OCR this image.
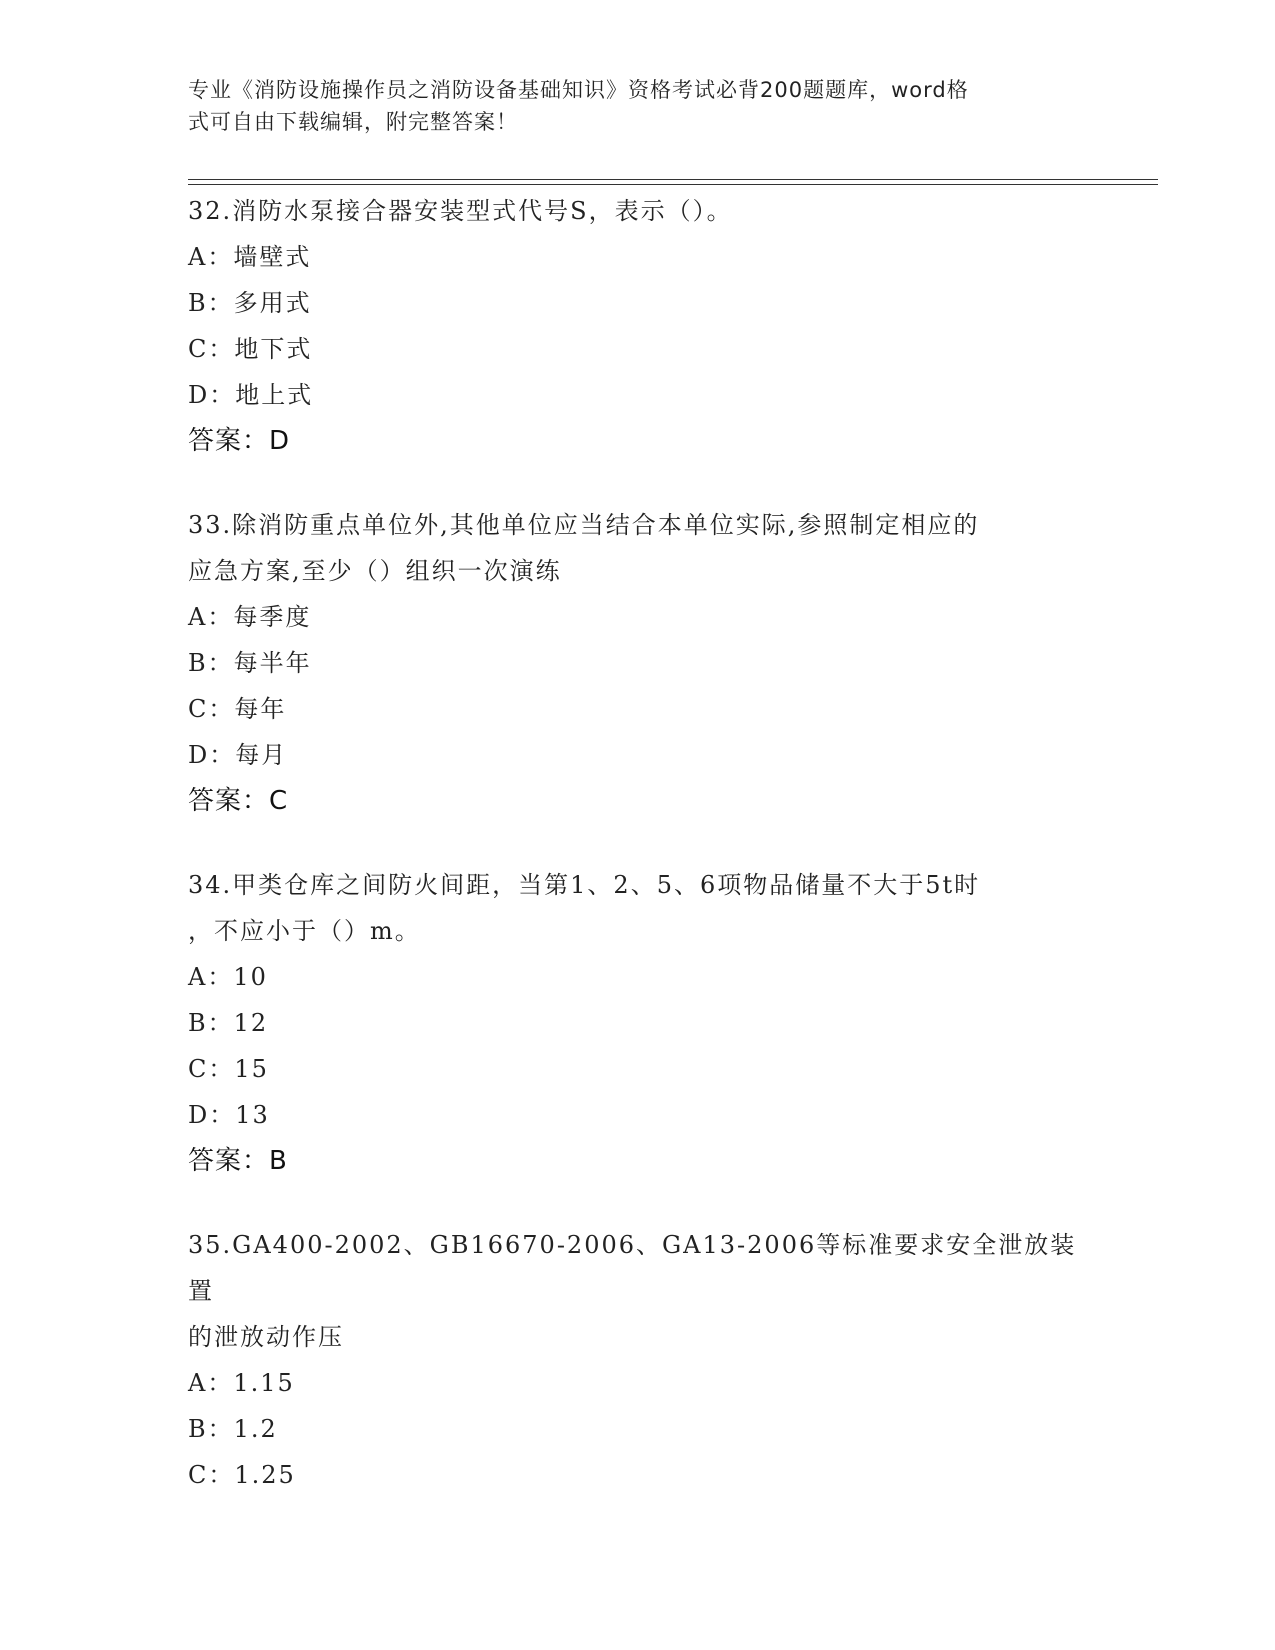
专业《消防设施操作员之消防设备基础知识》资格考试必背200题题库，word格
式可自由下载编辑，附完整答案！
32.消防水泵接合器安装型式代号S，表示（）。
A：墙壁式
B：多用式
C：地下式
D：地上式
答案：D
33.除消防重点单位外,其他单位应当结合本单位实际,参照制定相应的
应急方案,至少（）组织一次演练
A：每季度
B：每半年
C：每年
D：每月
答案：C
34.甲类仓库之间防火间距，当第1、2、5、6项物品储量不大于5t时
，不应小于（）m。
A：10
B：12
C：15
D：13
答案：B
35.GA400-2002、GB16670-2006、GA13-2006等标准要求安全泄放装置
的泄放动作压
A：1.15
B：1.2
C：1.25
